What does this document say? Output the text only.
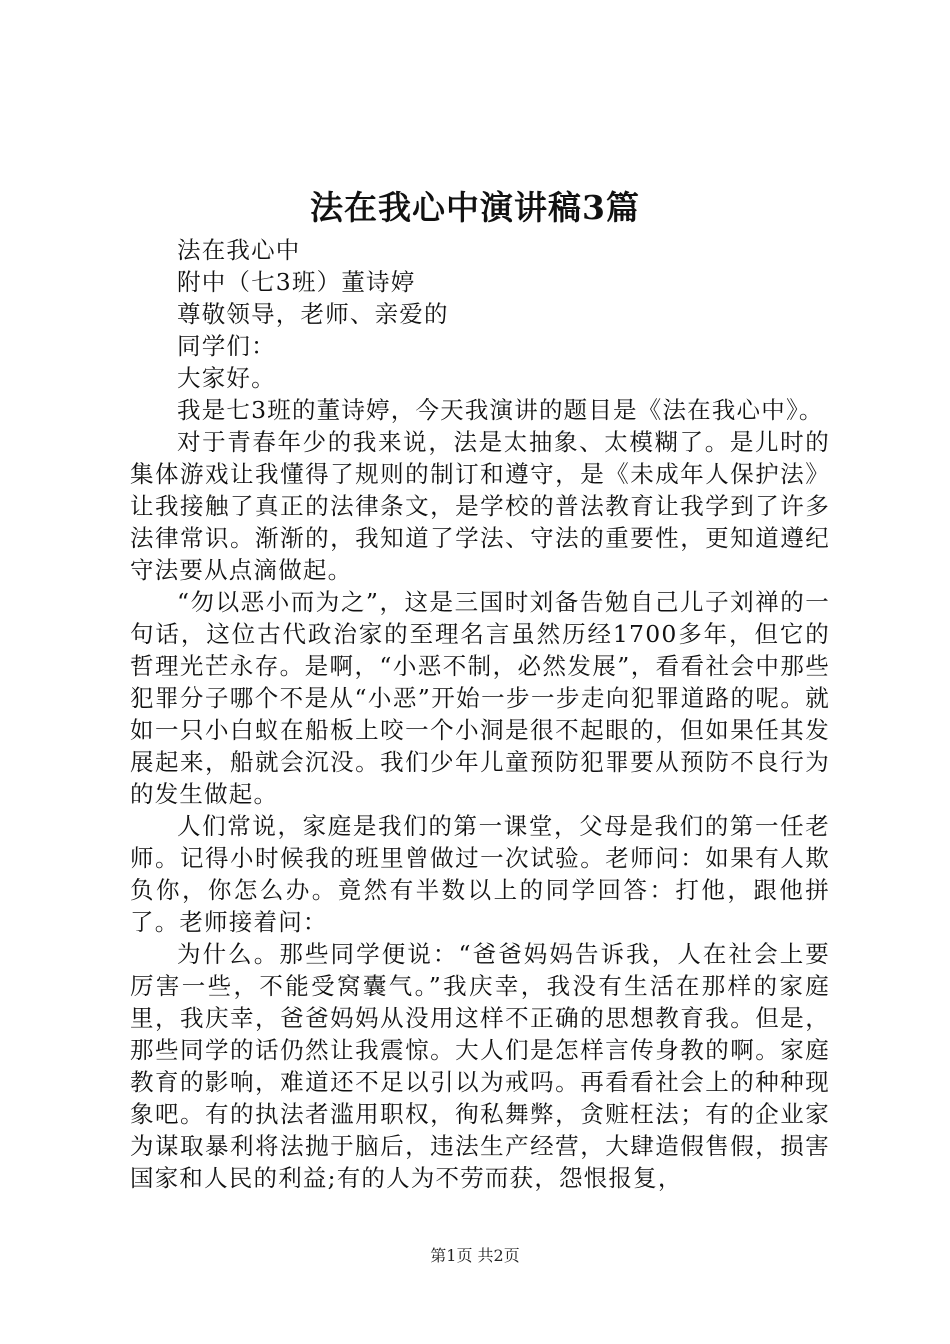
法在我心中演讲稿3篇

法在我心中

附中（七3班）董诗婷

尊敬领导，老师、亲爱的

同学们：

大家好。

我是七3班的董诗婷，今天我演讲的题目是《法在我心中》。

对于青春年少的我来说，法是太抽象、太模糊了。是儿时的集体游戏让我懂得了规则的制订和遵守，是《未成年人保护法》让我接触了真正的法律条文，是学校的普法教育让我学到了许多法律常识。渐渐的，我知道了学法、守法的重要性，更知道遵纪守法要从点滴做起。

“勿以恶小而为之”，这是三国时刘备告勉自己儿子刘禅的一句话，这位古代政治家的至理名言虽然历经1700多年，但它的哲理光芒永存。是啊，“小恶不制，必然发展”，看看社会中那些犯罪分子哪个不是从“小恶”开始一步一步走向犯罪道路的呢。就如一只小白蚁在船板上咬一个小洞是很不起眼的，但如果任其发展起来，船就会沉没。我们少年儿童预防犯罪要从预防不良行为的发生做起。

人们常说，家庭是我们的第一课堂，父母是我们的第一任老师。记得小时候我的班里曾做过一次试验。老师问：如果有人欺负你，你怎么办。竟然有半数以上的同学回答：打他，跟他拼了。老师接着问：

为什么。那些同学便说：“爸爸妈妈告诉我，人在社会上要厉害一些，不能受窝囊气。”我庆幸，我没有生活在那样的家庭里，我庆幸，爸爸妈妈从没用这样不正确的思想教育我。但是，那些同学的话仍然让我震惊。大人们是怎样言传身教的啊。家庭教育的影响，难道还不足以引以为戒吗。再看看社会上的种种现象吧。有的执法者滥用职权，徇私舞弊，贪赃枉法；有的企业家为谋取暴利将法抛于脑后，违法生产经营，大肆造假售假，损害国家和人民的利益;有的人为不劳而获，怨恨报复，

第1页 共2页
